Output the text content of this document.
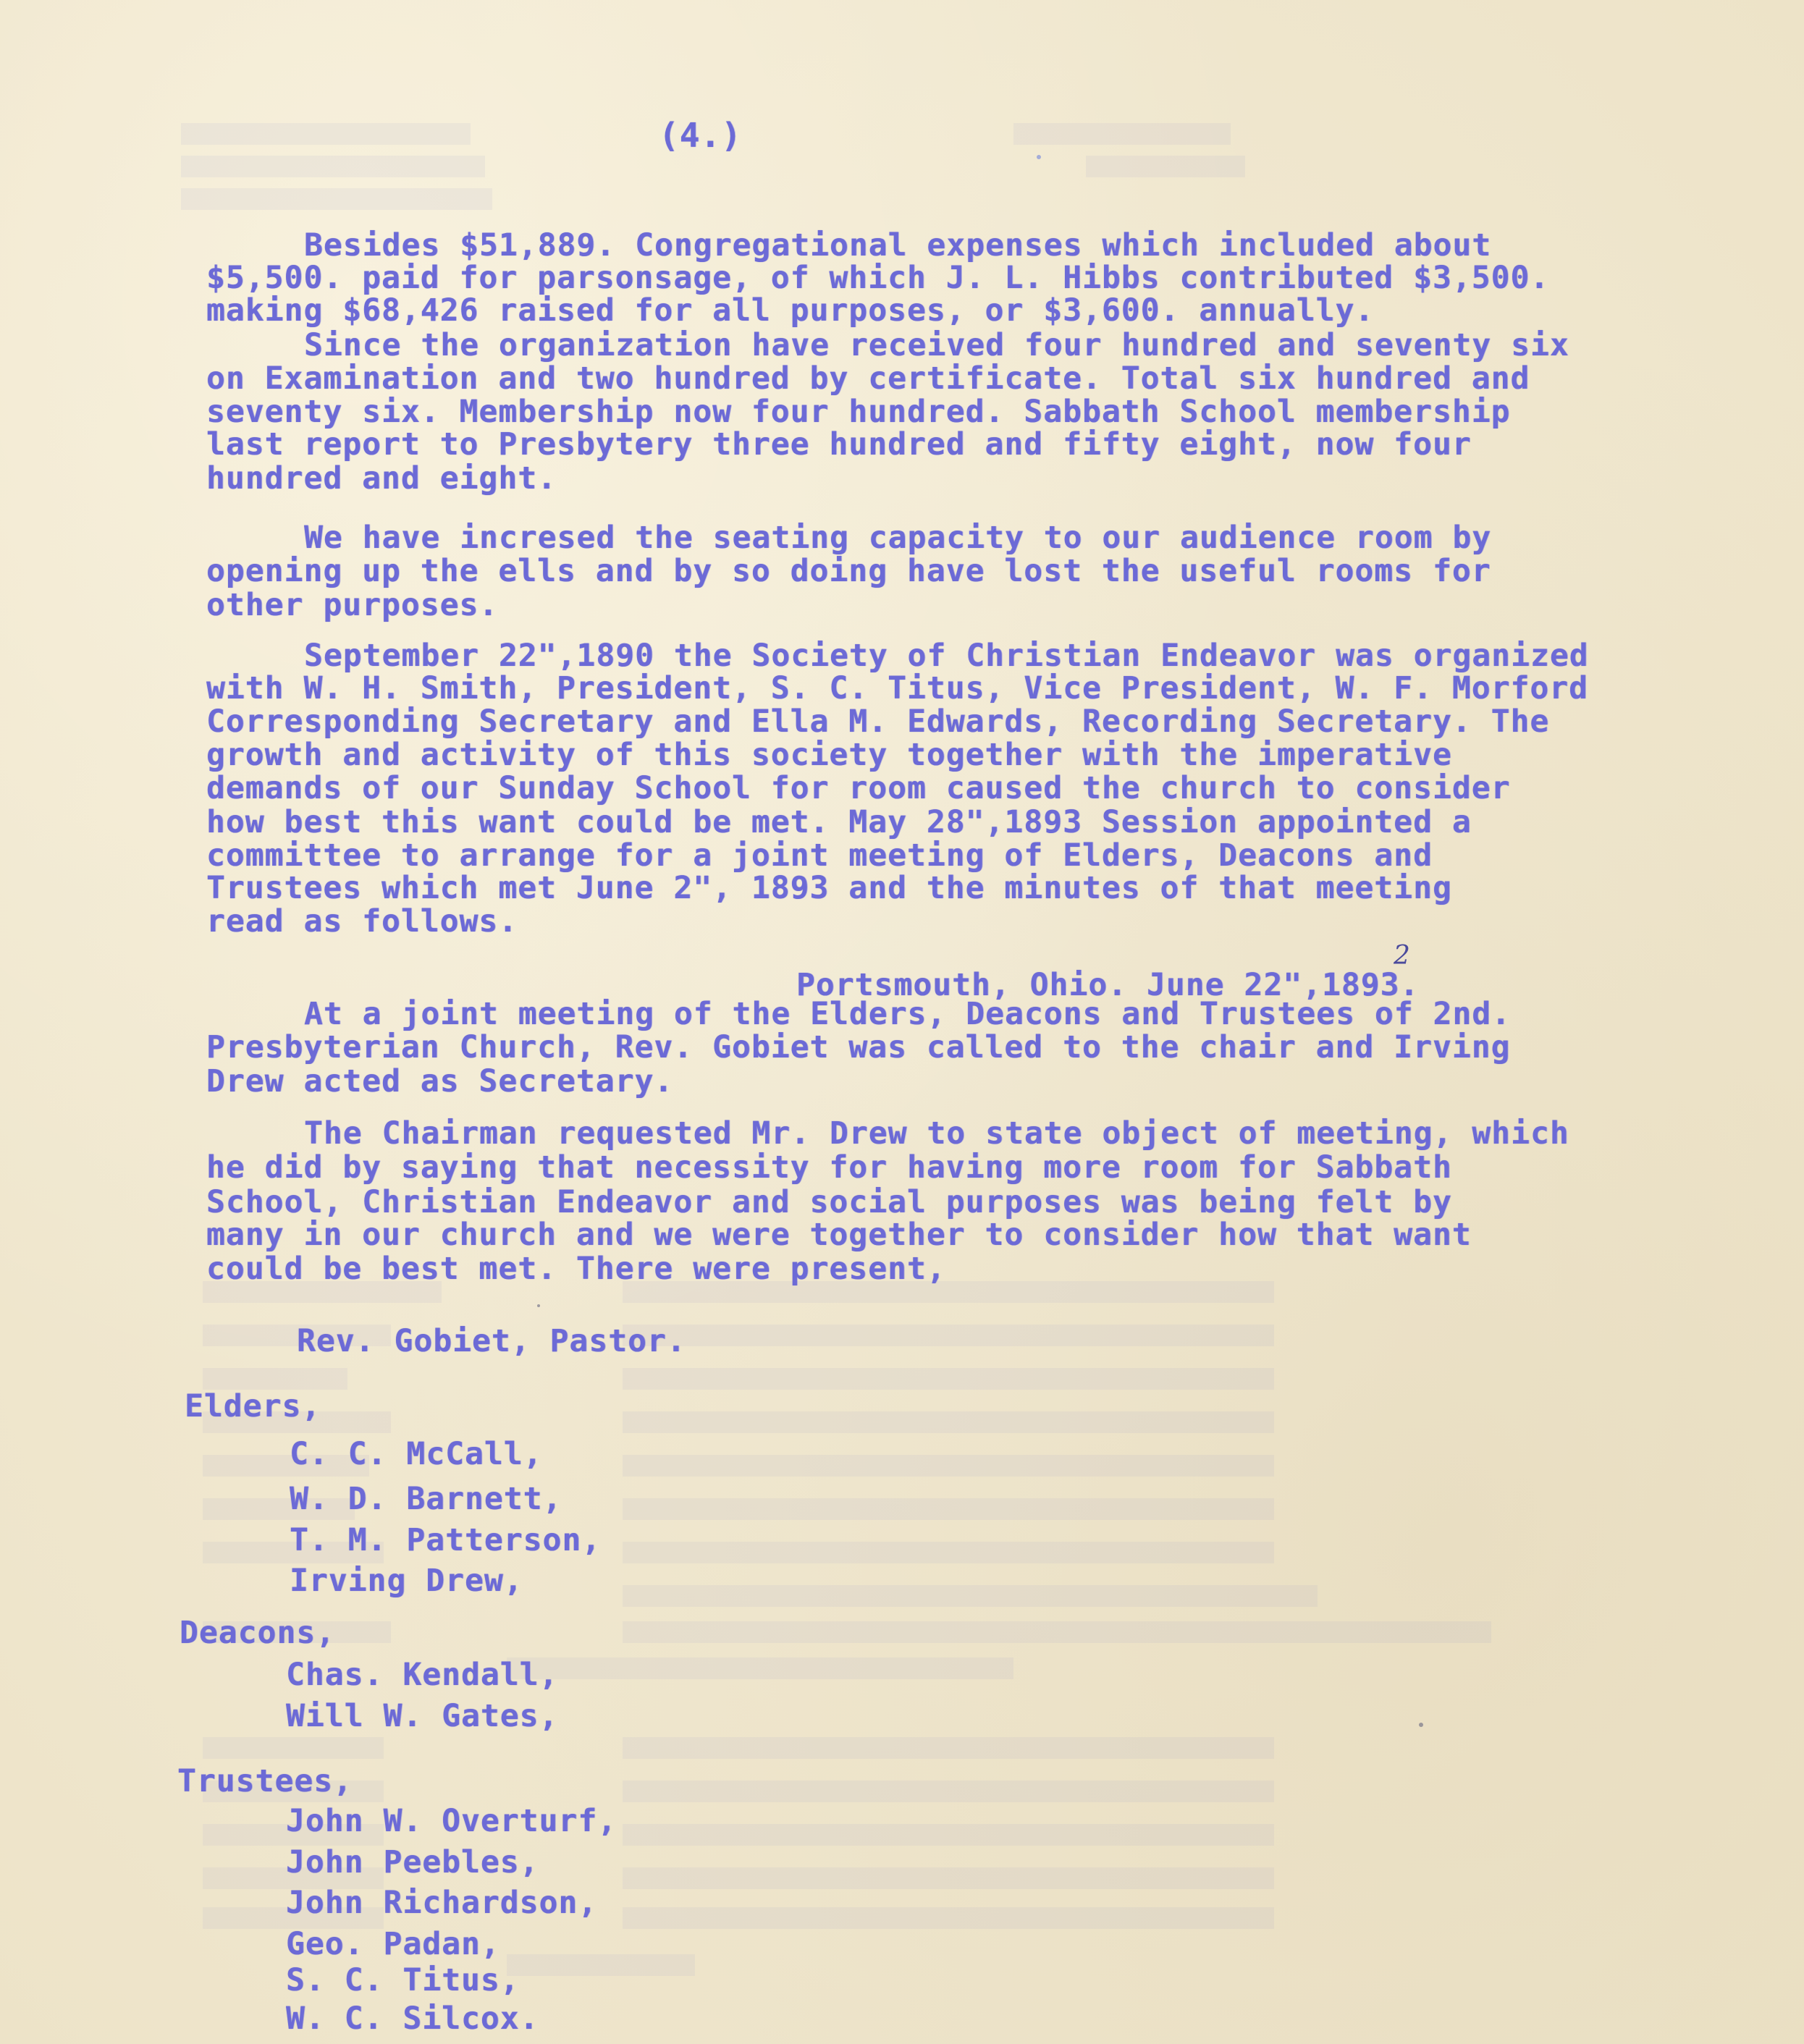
(4.)
Besides $51,889. Congregational expenses which included about
$5,500. paid for parsonsage, of which J. L. Hibbs contributed $3,500.
making $68,426 raised for all purposes, or $3,600. annually.
Since the organization have received four hundred and seventy six
on Examination and two hundred by certificate. Total six hundred and
seventy six. Membership now four hundred. Sabbath School membership
last report to Presbytery three hundred and fifty eight, now four
hundred and eight.
We have incresed the seating capacity to our audience room by
opening up the ells and by so doing have lost the useful rooms for
other purposes.
September 22",1890 the Society of Christian Endeavor was organized
with W. H. Smith, President, S. C. Titus, Vice President, W. F. Morford
Corresponding Secretary and Ella M. Edwards, Recording Secretary. The
growth and activity of this society together with the imperative
demands of our Sunday School for room caused the church to consider
how best this want could be met. May 28",1893 Session appointed a
committee to arrange for a joint meeting of Elders, Deacons and
Trustees which met June 2", 1893 and the minutes of that meeting
read as follows.
Portsmouth, Ohio. June 22",1893.
2
At a joint meeting of the Elders, Deacons and Trustees of 2nd.
Presbyterian Church, Rev. Gobiet was called to the chair and Irving
Drew acted as Secretary.
The Chairman requested Mr. Drew to state object of meeting, which
he did by saying that necessity for having more room for Sabbath
School, Christian Endeavor and social purposes was being felt by
many in our church and we were together to consider how that want
could be best met. There were present,
Rev. Gobiet, Pastor.
Elders,
C. C. McCall,
W. D. Barnett,
T. M. Patterson,
Irving Drew,
Deacons,
Chas. Kendall,
Will W. Gates,
Trustees,
John W. Overturf,
John Peebles,
John Richardson,
Geo. Padan,
S. C. Titus,
W. C. Silcox.
